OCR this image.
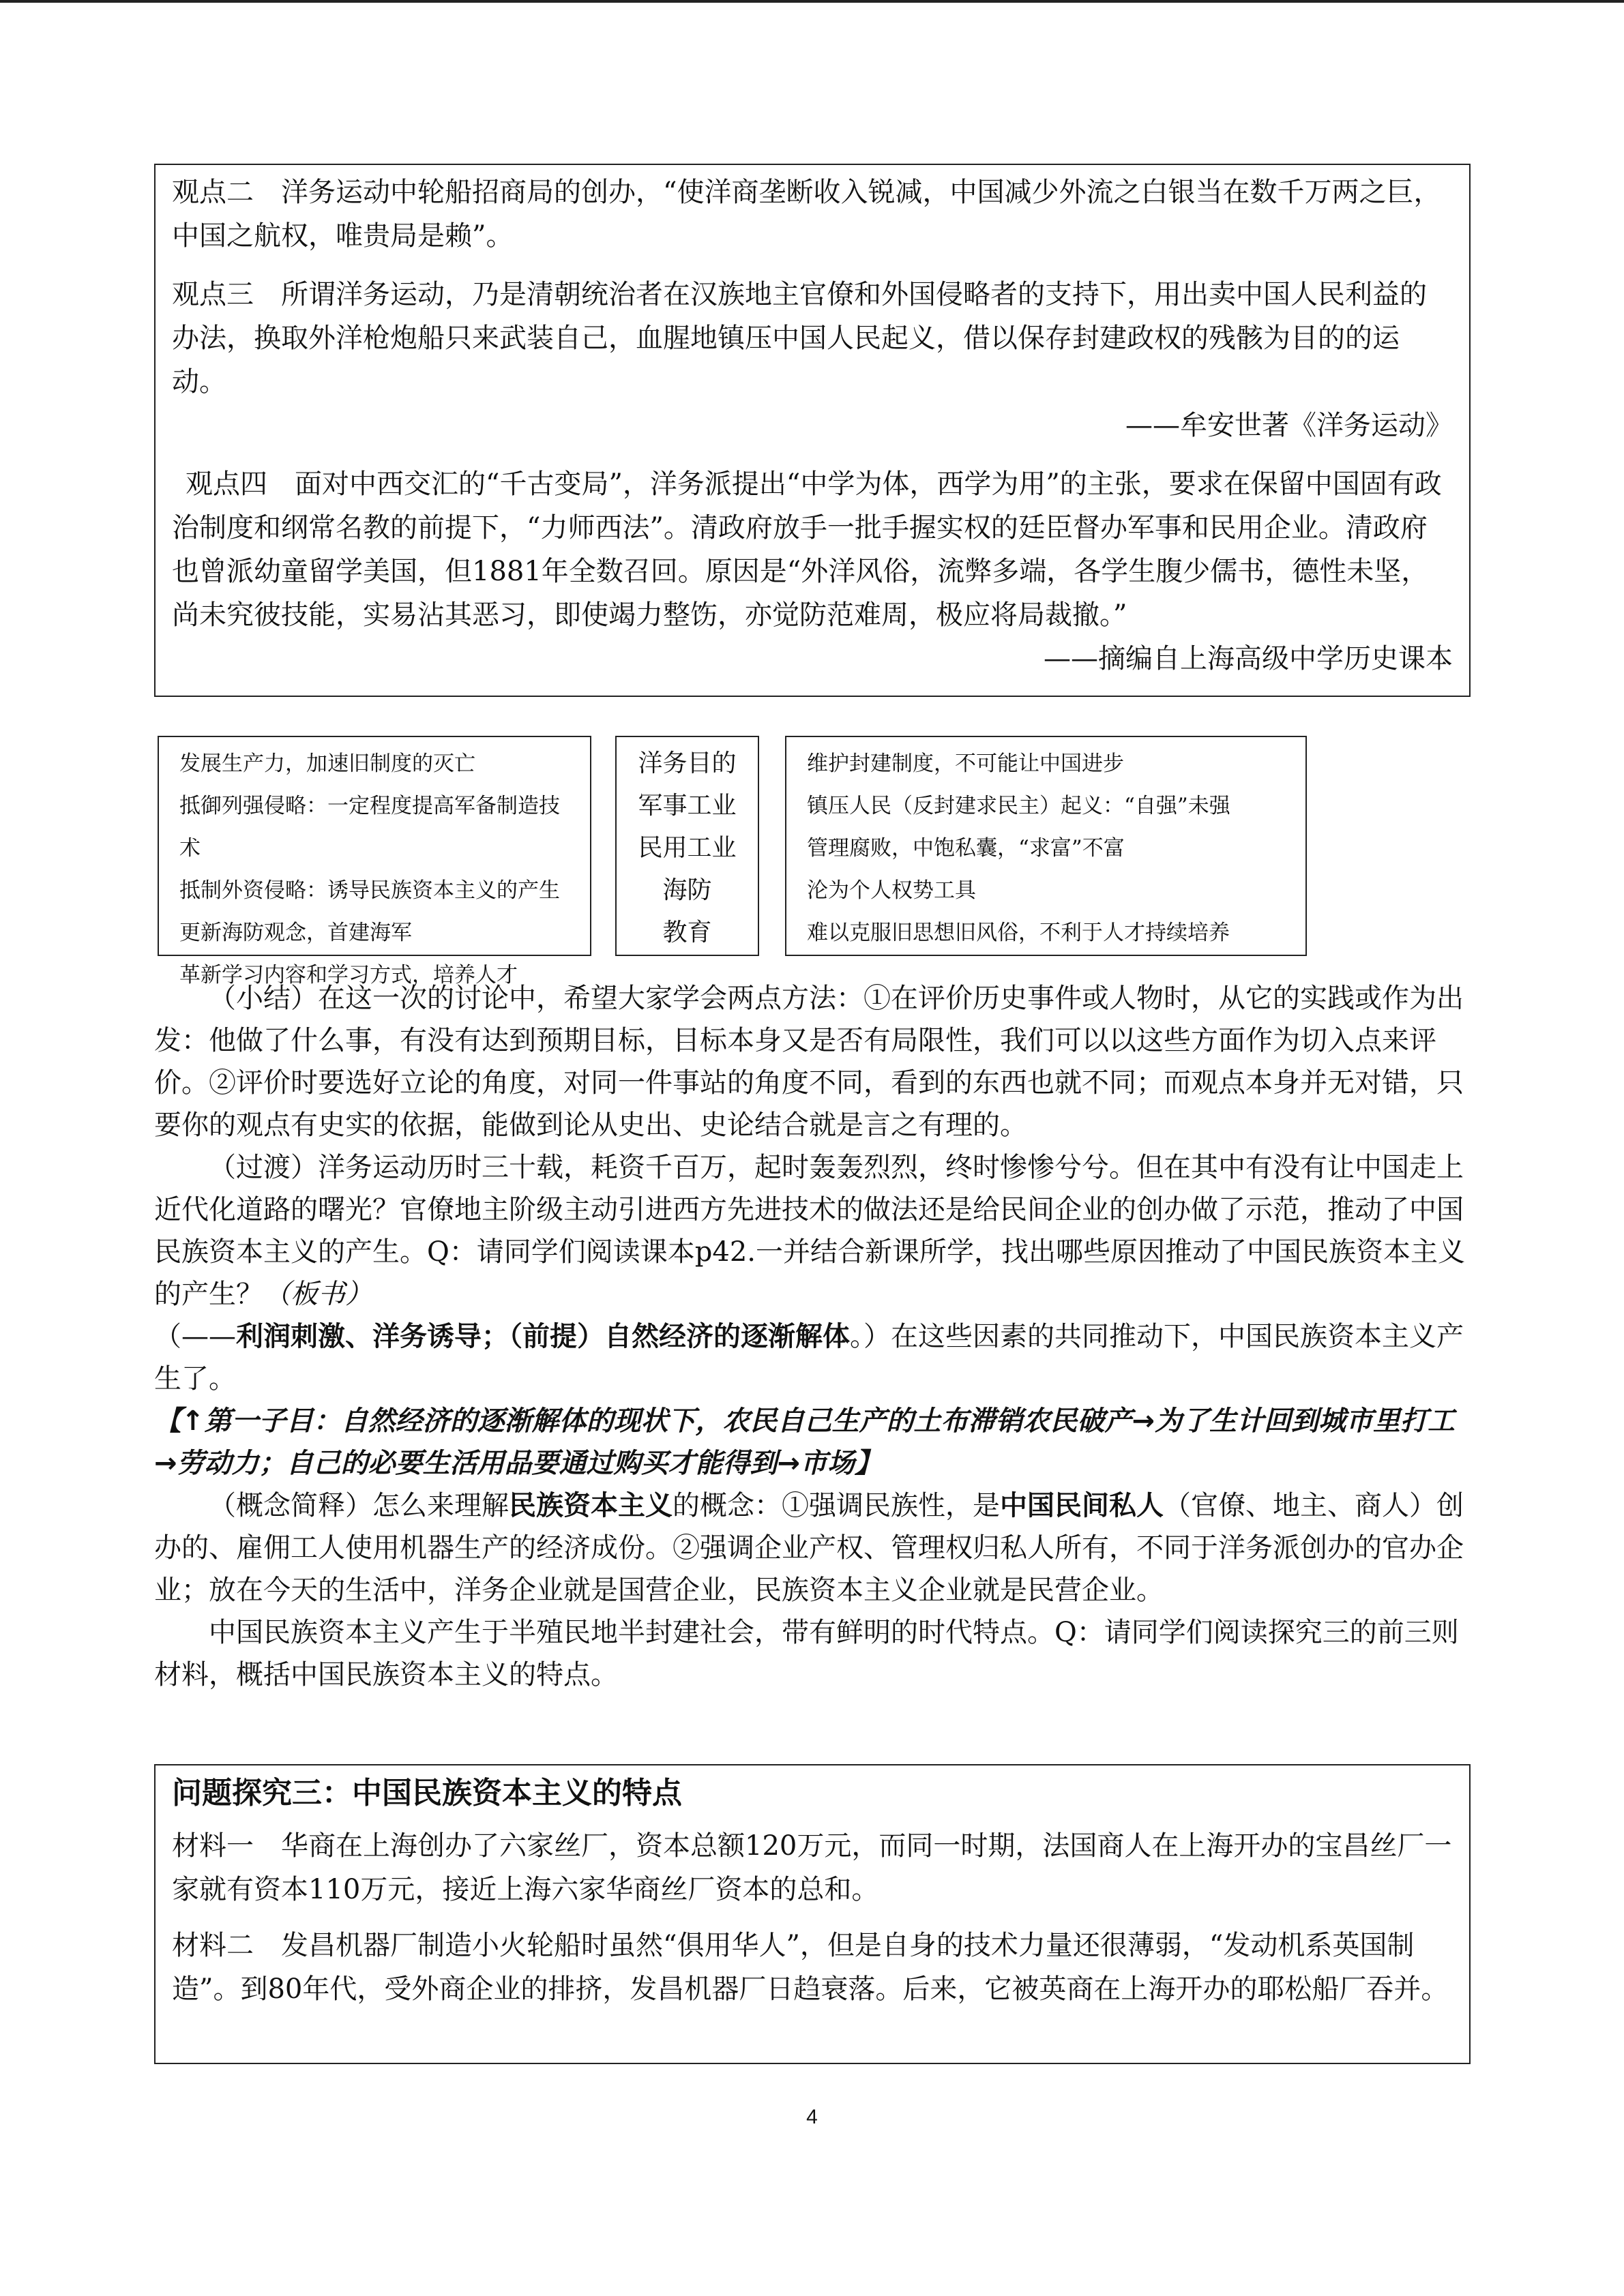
观点二　洋务运动中轮船招商局的创办，“使洋商垄断收入锐减，中国减少外流之白银当在数千万两之巨，中国之航权，唯贵局是赖”。

观点三　所谓洋务运动，乃是清朝统治者在汉族地主官僚和外国侵略者的支持下，用出卖中国人民利益的办法，换取外洋枪炮船只来武装自己，血腥地镇压中国人民起义，借以保存封建政权的残骸为目的的运动。

——牟安世著《洋务运动》

观点四　面对中西交汇的“千古变局”，洋务派提出“中学为体，西学为用”的主张，要求在保留中国固有政治制度和纲常名教的前提下，“力师西法”。清政府放手一批手握实权的廷臣督办军事和民用企业。清政府也曾派幼童留学美国，但1881年全数召回。原因是“外洋风俗，流弊多端，各学生腹少儒书，德性未坚，尚未究彼技能，实易沾其恶习，即使竭力整饬，亦觉防范难周，极应将局裁撤。”

——摘编自上海高级中学历史课本

发展生产力，加速旧制度的灭亡
抵御列强侵略：一定程度提高军备制造技术
抵制外资侵略：诱导民族资本主义的产生
更新海防观念，首建海军
革新学习内容和学习方式，培养人才
洋务目的
军事工业
民用工业
海防
教育
维护封建制度，不可能让中国进步
镇压人民（反封建求民主）起义：“自强”未强
管理腐败，中饱私囊，“求富”不富
沦为个人权势工具
难以克服旧思想旧风俗，不利于人才持续培养

（小结）在这一次的讨论中，希望大家学会两点方法：①在评价历史事件或人物时，从它的实践或作为出发：他做了什么事，有没有达到预期目标，目标本身又是否有局限性，我们可以以这些方面作为切入点来评价。②评价时要选好立论的角度，对同一件事站的角度不同，看到的东西也就不同；而观点本身并无对错，只要你的观点有史实的依据，能做到论从史出、史论结合就是言之有理的。

（过渡）洋务运动历时三十载，耗资千百万，起时轰轰烈烈，终时惨惨兮兮。但在其中有没有让中国走上近代化道路的曙光？官僚地主阶级主动引进西方先进技术的做法还是给民间企业的创办做了示范，推动了中国民族资本主义的产生。Q：请同学们阅读课本p42.一并结合新课所学，找出哪些原因推动了中国民族资本主义的产生？（板书）

（——利润刺激、洋务诱导；（前提）自然经济的逐渐解体。）在这些因素的共同推动下，中国民族资本主义产生了。

【↑第一子目：自然经济的逐渐解体的现状下，农民自己生产的土布滞销农民破产→为了生计回到城市里打工→劳动力；自己的必要生活用品要通过购买才能得到→市场】

（概念简释）怎么来理解民族资本主义的概念：①强调民族性，是中国民间私人（官僚、地主、商人）创办的、雇佣工人使用机器生产的经济成份。②强调企业产权、管理权归私人所有，不同于洋务派创办的官办企业；放在今天的生活中，洋务企业就是国营企业，民族资本主义企业就是民营企业。

中国民族资本主义产生于半殖民地半封建社会，带有鲜明的时代特点。Q：请同学们阅读探究三的前三则材料，概括中国民族资本主义的特点。

问题探究三：中国民族资本主义的特点

材料一　华商在上海创办了六家丝厂，资本总额120万元，而同一时期，法国商人在上海开办的宝昌丝厂一家就有资本110万元，接近上海六家华商丝厂资本的总和。

材料二　发昌机器厂制造小火轮船时虽然“俱用华人”，但是自身的技术力量还很薄弱，“发动机系英国制造”。到80年代，受外商企业的排挤，发昌机器厂日趋衰落。后来，它被英商在上海开办的耶松船厂吞并。

4
